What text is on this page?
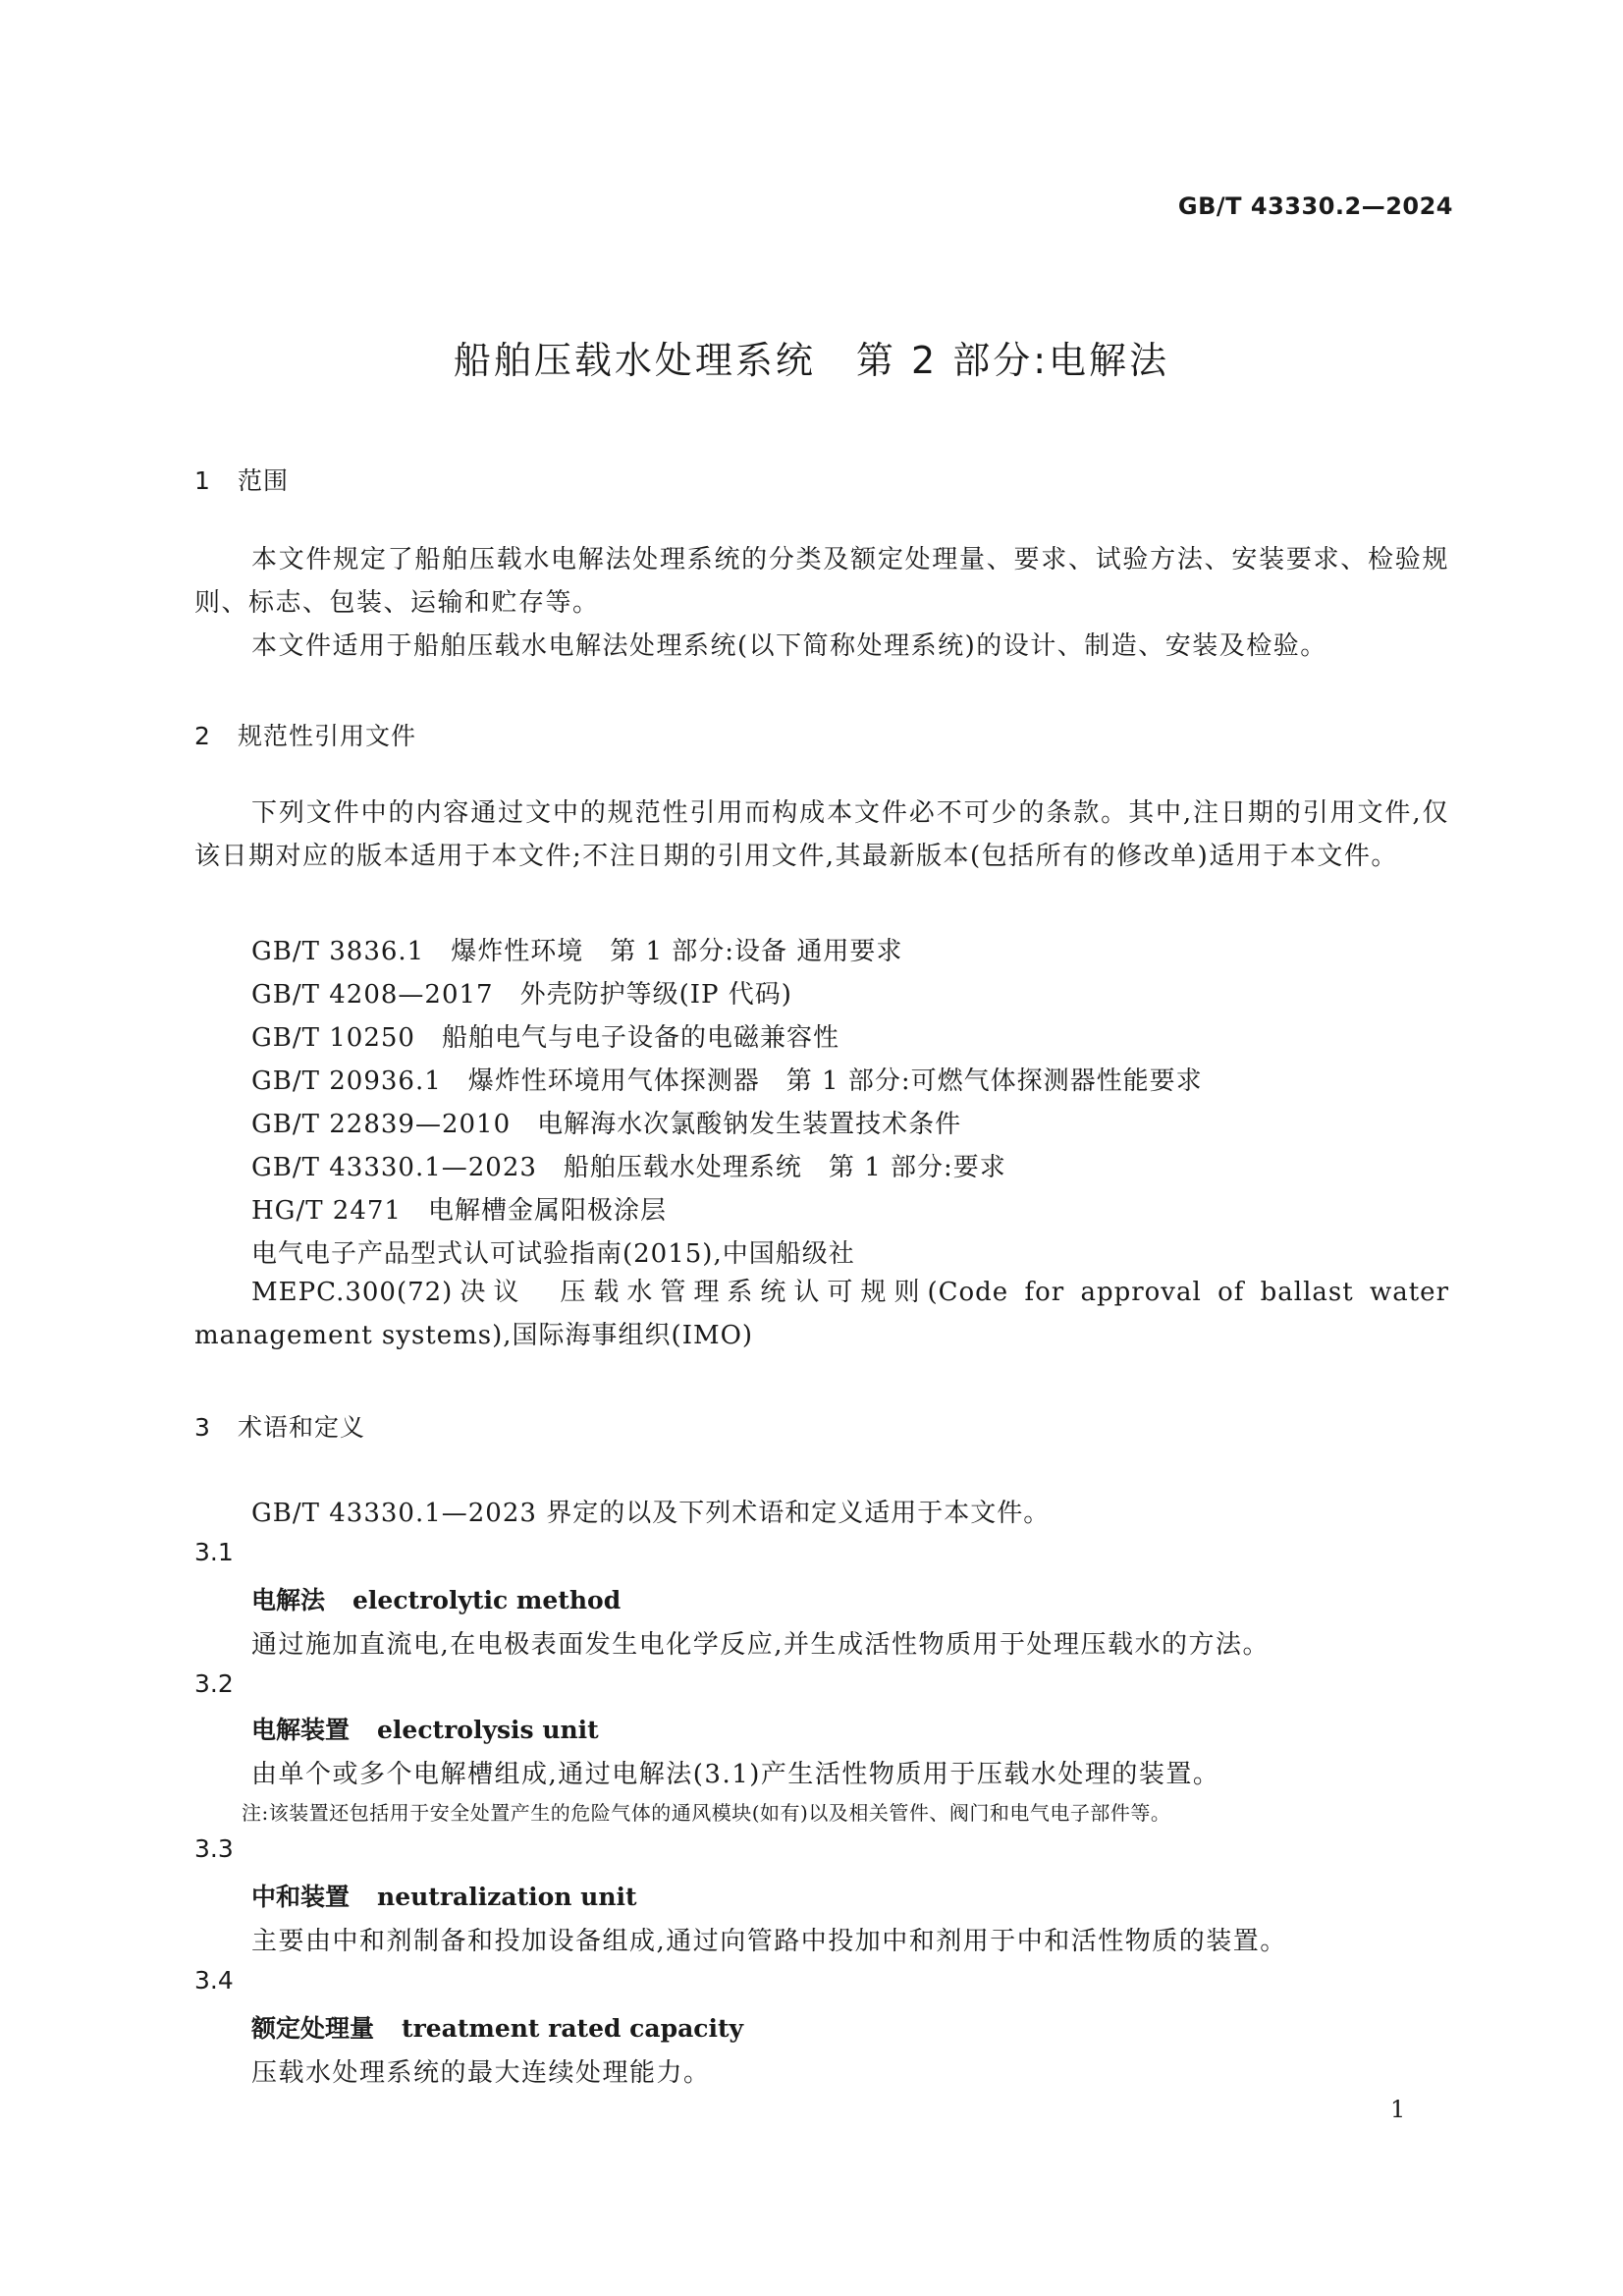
GB/T 43330.2—2024
船舶压载水处理系统　第 2 部分:电解法
1 范围
本文件规定了船舶压载水电解法处理系统的分类及额定处理量、要求、试验方法、安装要求、检验规则、标志、包装、运输和贮存等。
本文件适用于船舶压载水电解法处理系统(以下简称处理系统)的设计、制造、安装及检验。
2 规范性引用文件
下列文件中的内容通过文中的规范性引用而构成本文件必不可少的条款。其中,注日期的引用文件,仅该日期对应的版本适用于本文件;不注日期的引用文件,其最新版本(包括所有的修改单)适用于本文件。
GB/T 3836.1　爆炸性环境　第 1 部分:设备 通用要求
GB/T 4208—2017　外壳防护等级(IP 代码)
GB/T 10250　船舶电气与电子设备的电磁兼容性
GB/T 20936.1　爆炸性环境用气体探测器　第 1 部分:可燃气体探测器性能要求
GB/T 22839—2010　电解海水次氯酸钠发生装置技术条件
GB/T 43330.1—2023　船舶压载水处理系统　第 1 部分:要求
HG/T 2471　电解槽金属阳极涂层
电气电子产品型式认可试验指南(2015),中国船级社
MEPC.300(72)决议　压载水管理系统认可规则(Code for approval of ballast water management systems),国际海事组织(IMO)
3 术语和定义
GB/T 43330.1—2023 界定的以及下列术语和定义适用于本文件。
3.1
电解法 electrolytic method
通过施加直流电,在电极表面发生电化学反应,并生成活性物质用于处理压载水的方法。
3.2
电解装置 electrolysis unit
由单个或多个电解槽组成,通过电解法(3.1)产生活性物质用于压载水处理的装置。
注:该装置还包括用于安全处置产生的危险气体的通风模块(如有)以及相关管件、阀门和电气电子部件等。
3.3
中和装置 neutralization unit
主要由中和剂制备和投加设备组成,通过向管路中投加中和剂用于中和活性物质的装置。
3.4
额定处理量 treatment rated capacity
压载水处理系统的最大连续处理能力。
1
